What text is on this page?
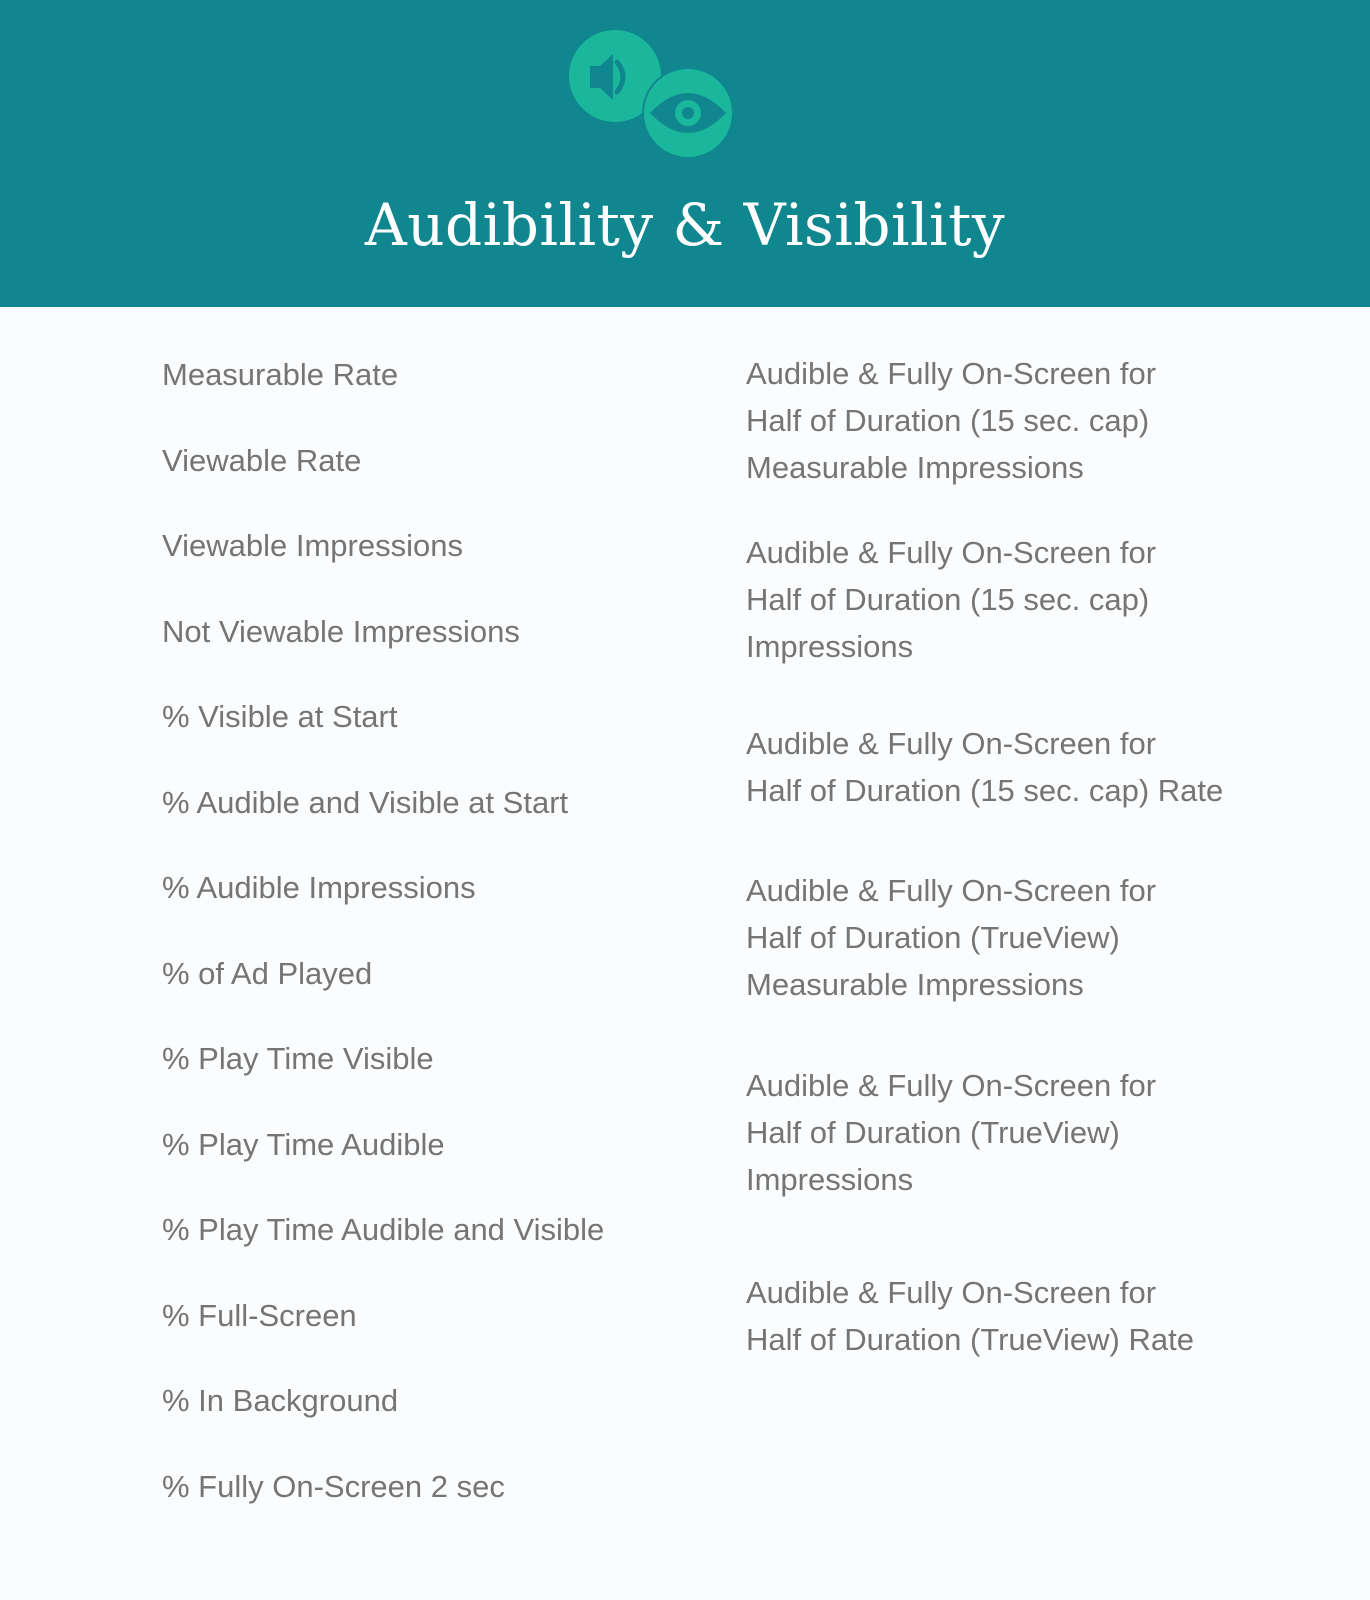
Audibility & Visibility
Measurable Rate
Viewable Rate
Viewable Impressions
Not Viewable Impressions
% Visible at Start
% Audible and Visible at Start
% Audible Impressions
% of Ad Played
% Play Time Visible
% Play Time Audible
% Play Time Audible and Visible
% Full-Screen
% In Background
% Fully On-Screen 2 sec
Audible & Fully On-Screen for
Half of Duration (15 sec. cap)
Measurable Impressions
Audible & Fully On-Screen for
Half of Duration (15 sec. cap)
Impressions
Audible & Fully On-Screen for
Half of Duration (15 sec. cap) Rate
Audible & Fully On-Screen for
Half of Duration (TrueView)
Measurable Impressions
Audible & Fully On-Screen for
Half of Duration (TrueView)
Impressions
Audible & Fully On-Screen for
Half of Duration (TrueView) Rate
